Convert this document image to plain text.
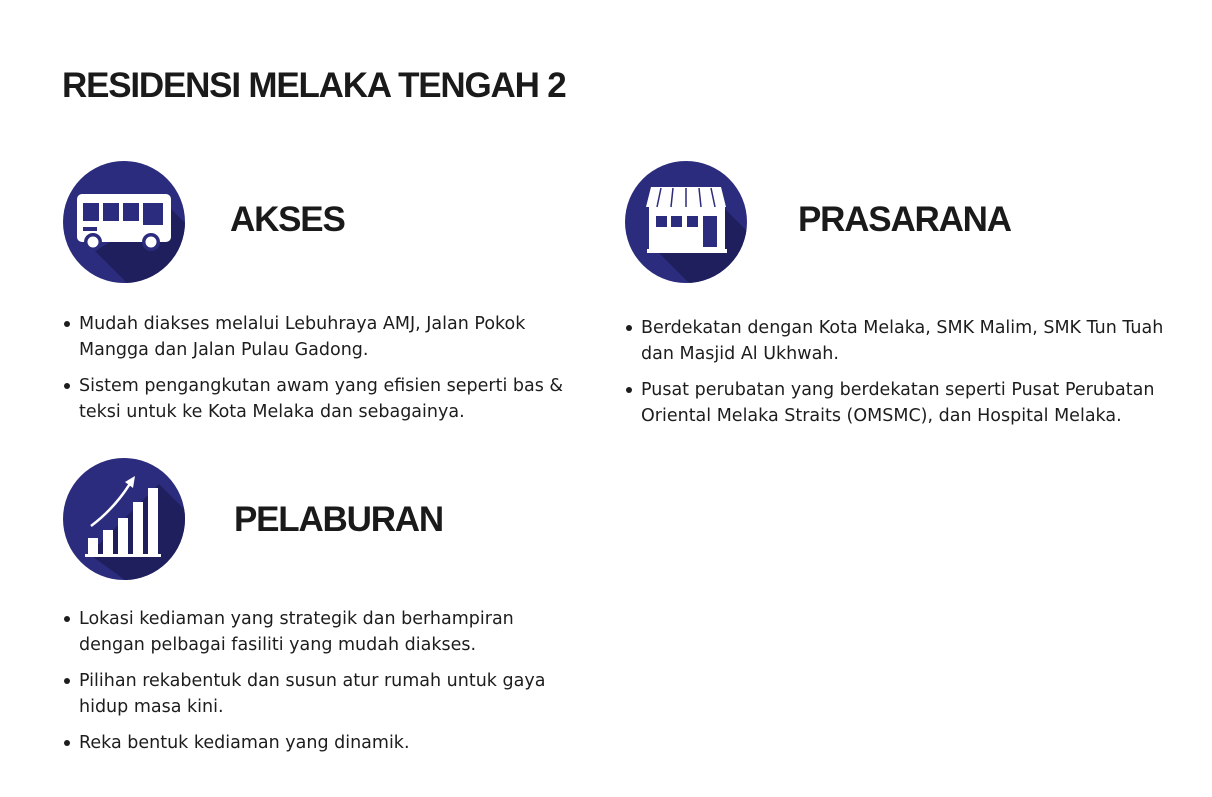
RESIDENSI MELAKA TENGAH 2
AKSES
Mudah diakses melalui Lebuhraya AMJ, Jalan Pokok Mangga dan Jalan Pulau Gadong.
Sistem pengangkutan awam yang efisien seperti bas & teksi untuk ke Kota Melaka dan sebagainya.
PRASARANA
Berdekatan dengan Kota Melaka, SMK Malim, SMK Tun Tuah dan Masjid Al Ukhwah.
Pusat perubatan yang berdekatan seperti Pusat Perubatan Oriental Melaka Straits (OMSMC), dan Hospital Melaka.
PELABURAN
Lokasi kediaman yang strategik dan berhampiran dengan pelbagai fasiliti yang mudah diakses.
Pilihan rekabentuk dan susun atur rumah untuk gaya hidup masa kini.
Reka bentuk kediaman yang dinamik.
